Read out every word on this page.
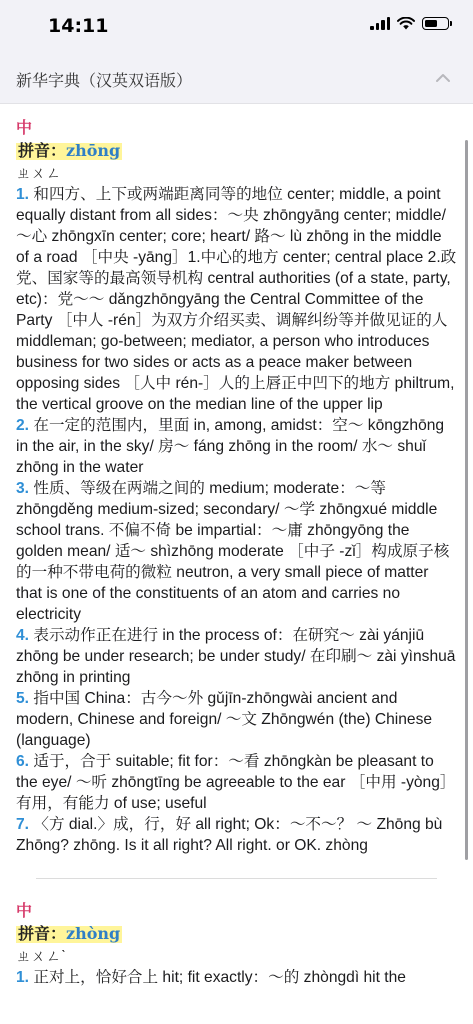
14:11
新华字典（汉英双语版）
中
拼音：zhōng
ㄓㄨㄥ
1. 和四方、上下或两端距离同等的地位 center; middle, a point equally distant from all sides：～央 zhōngyāng center; middle/ ～心 zhōngxīn center; core; heart/ 路～ lù zhōng in the middle of a road ［中央 -yāng］1.中心的地方 center; central place 2.政党、国家等的最高领导机构 central authorities (of a state, party, etc)：党～～ dǎngzhōngyāng the Central Committee of the Party ［中人 -rén］为双方介绍买卖、调解纠纷等并做见证的人 middleman; go-between; mediator, a person who introduces business for two sides or acts as a peace maker between opposing sides ［人中 rén-］人的上唇正中凹下的地方 philtrum, the vertical groove on the median line of the upper lip
2. 在一定的范围内，里面 in, among, amidst：空～ kōngzhōng in the air, in the sky/ 房～ fáng zhōng in the room/ 水～ shuǐ zhōng in the water
3. 性质、等级在两端之间的 medium; moderate：～等 zhōngděng medium-sized; secondary/ ～学 zhōngxué middle school trans. 不偏不倚 be impartial：～庸 zhōngyōng the golden mean/ 适～ shìzhōng moderate ［中子 -zǐ］构成原子核的一种不带电荷的微粒 neutron, a very small piece of matter that is one of the constituents of an atom and carries no electricity
4. 表示动作正在进行 in the process of：在研究～ zài yánjiū zhōng be under research; be under study/ 在印刷～ zài yìnshuā zhōng in printing
5. 指中国 China：古今～外 gǔjīn-zhōngwài ancient and modern, Chinese and foreign/ ～文 Zhōngwén (the) Chinese (language)
6. 适于，合于 suitable; fit for：～看 zhōngkàn be pleasant to the eye/ ～听 zhōngtīng be agreeable to the ear ［中用 -yòng］有用，有能力 of use; useful
7. 〈方 dial.〉成，行，好 all right; Ok：～不～？ ～ Zhōng bù Zhōng? zhōng. Is it all right? All right. or OK. zhòng
中
拼音：zhòng
ㄓㄨㄥˋ
1. 正对上，恰好合上 hit; fit exactly：～的 zhòngdì hit the
